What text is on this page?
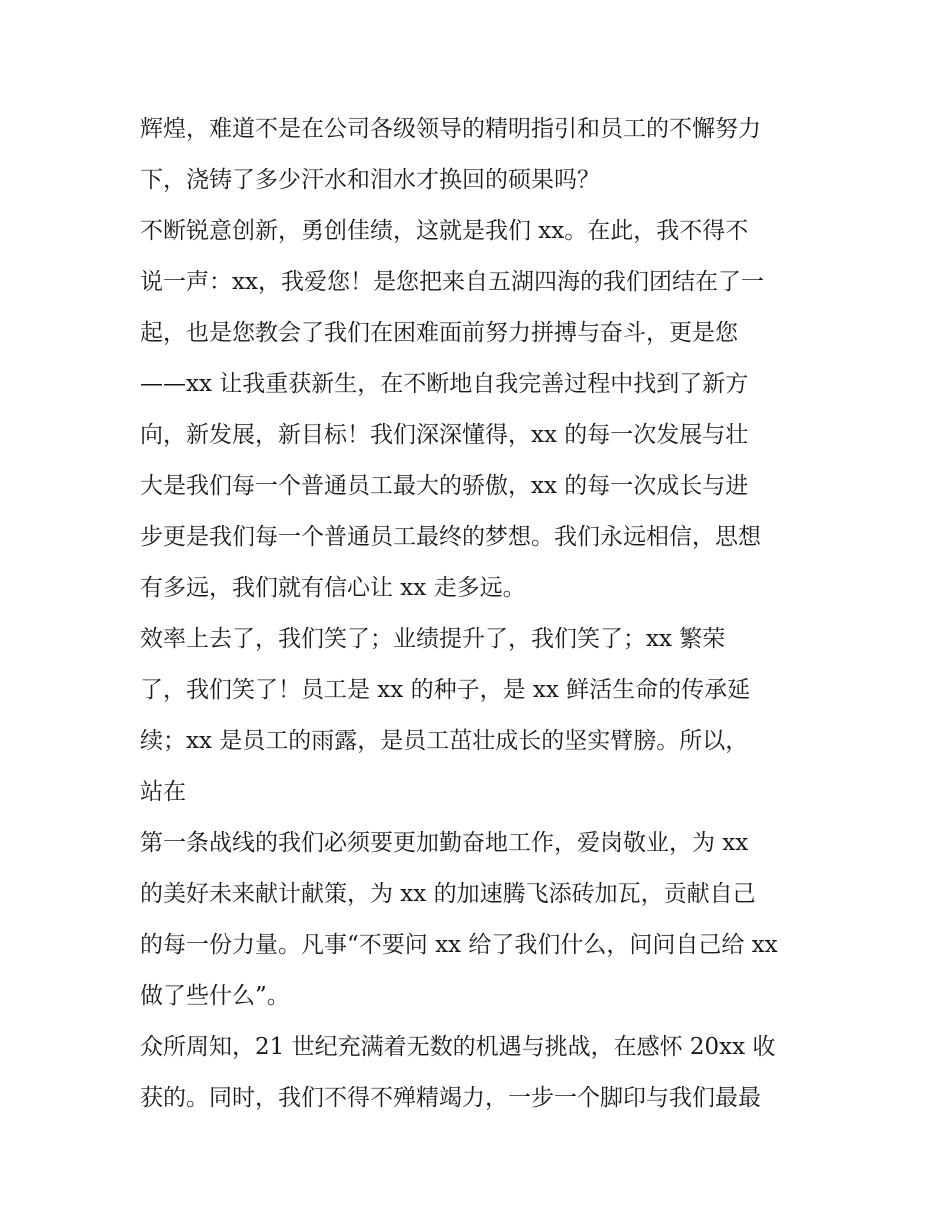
辉煌，难道不是在公司各级领导的精明指引和员工的不懈努力
下，浇铸了多少汗水和泪水才换回的硕果吗？
不断锐意创新，勇创佳绩，这就是我们 xx。在此，我不得不
说一声：xx，我爱您！是您把来自五湖四海的我们团结在了一
起，也是您教会了我们在困难面前努力拼搏与奋斗，更是您
——xx 让我重获新生，在不断地自我完善过程中找到了新方
向，新发展，新目标！我们深深懂得，xx 的每一次发展与壮
大是我们每一个普通员工最大的骄傲，xx 的每一次成长与进
步更是我们每一个普通员工最终的梦想。我们永远相信，思想
有多远，我们就有信心让 xx 走多远。
效率上去了，我们笑了；业绩提升了，我们笑了；xx 繁荣
了，我们笑了！员工是 xx 的种子，是 xx 鲜活生命的传承延
续；xx 是员工的雨露，是员工茁壮成长的坚实臂膀。所以，
站在
第一条战线的我们必须要更加勤奋地工作，爱岗敬业，为 xx
的美好未来献计献策，为 xx 的加速腾飞添砖加瓦，贡献自己
的每一份力量。凡事“不要问 xx 给了我们什么，问问自己给 xx
做了些什么”。
众所周知，21 世纪充满着无数的机遇与挑战，在感怀 20xx 收
获的。同时，我们不得不殚精竭力，一步一个脚印与我们最最
